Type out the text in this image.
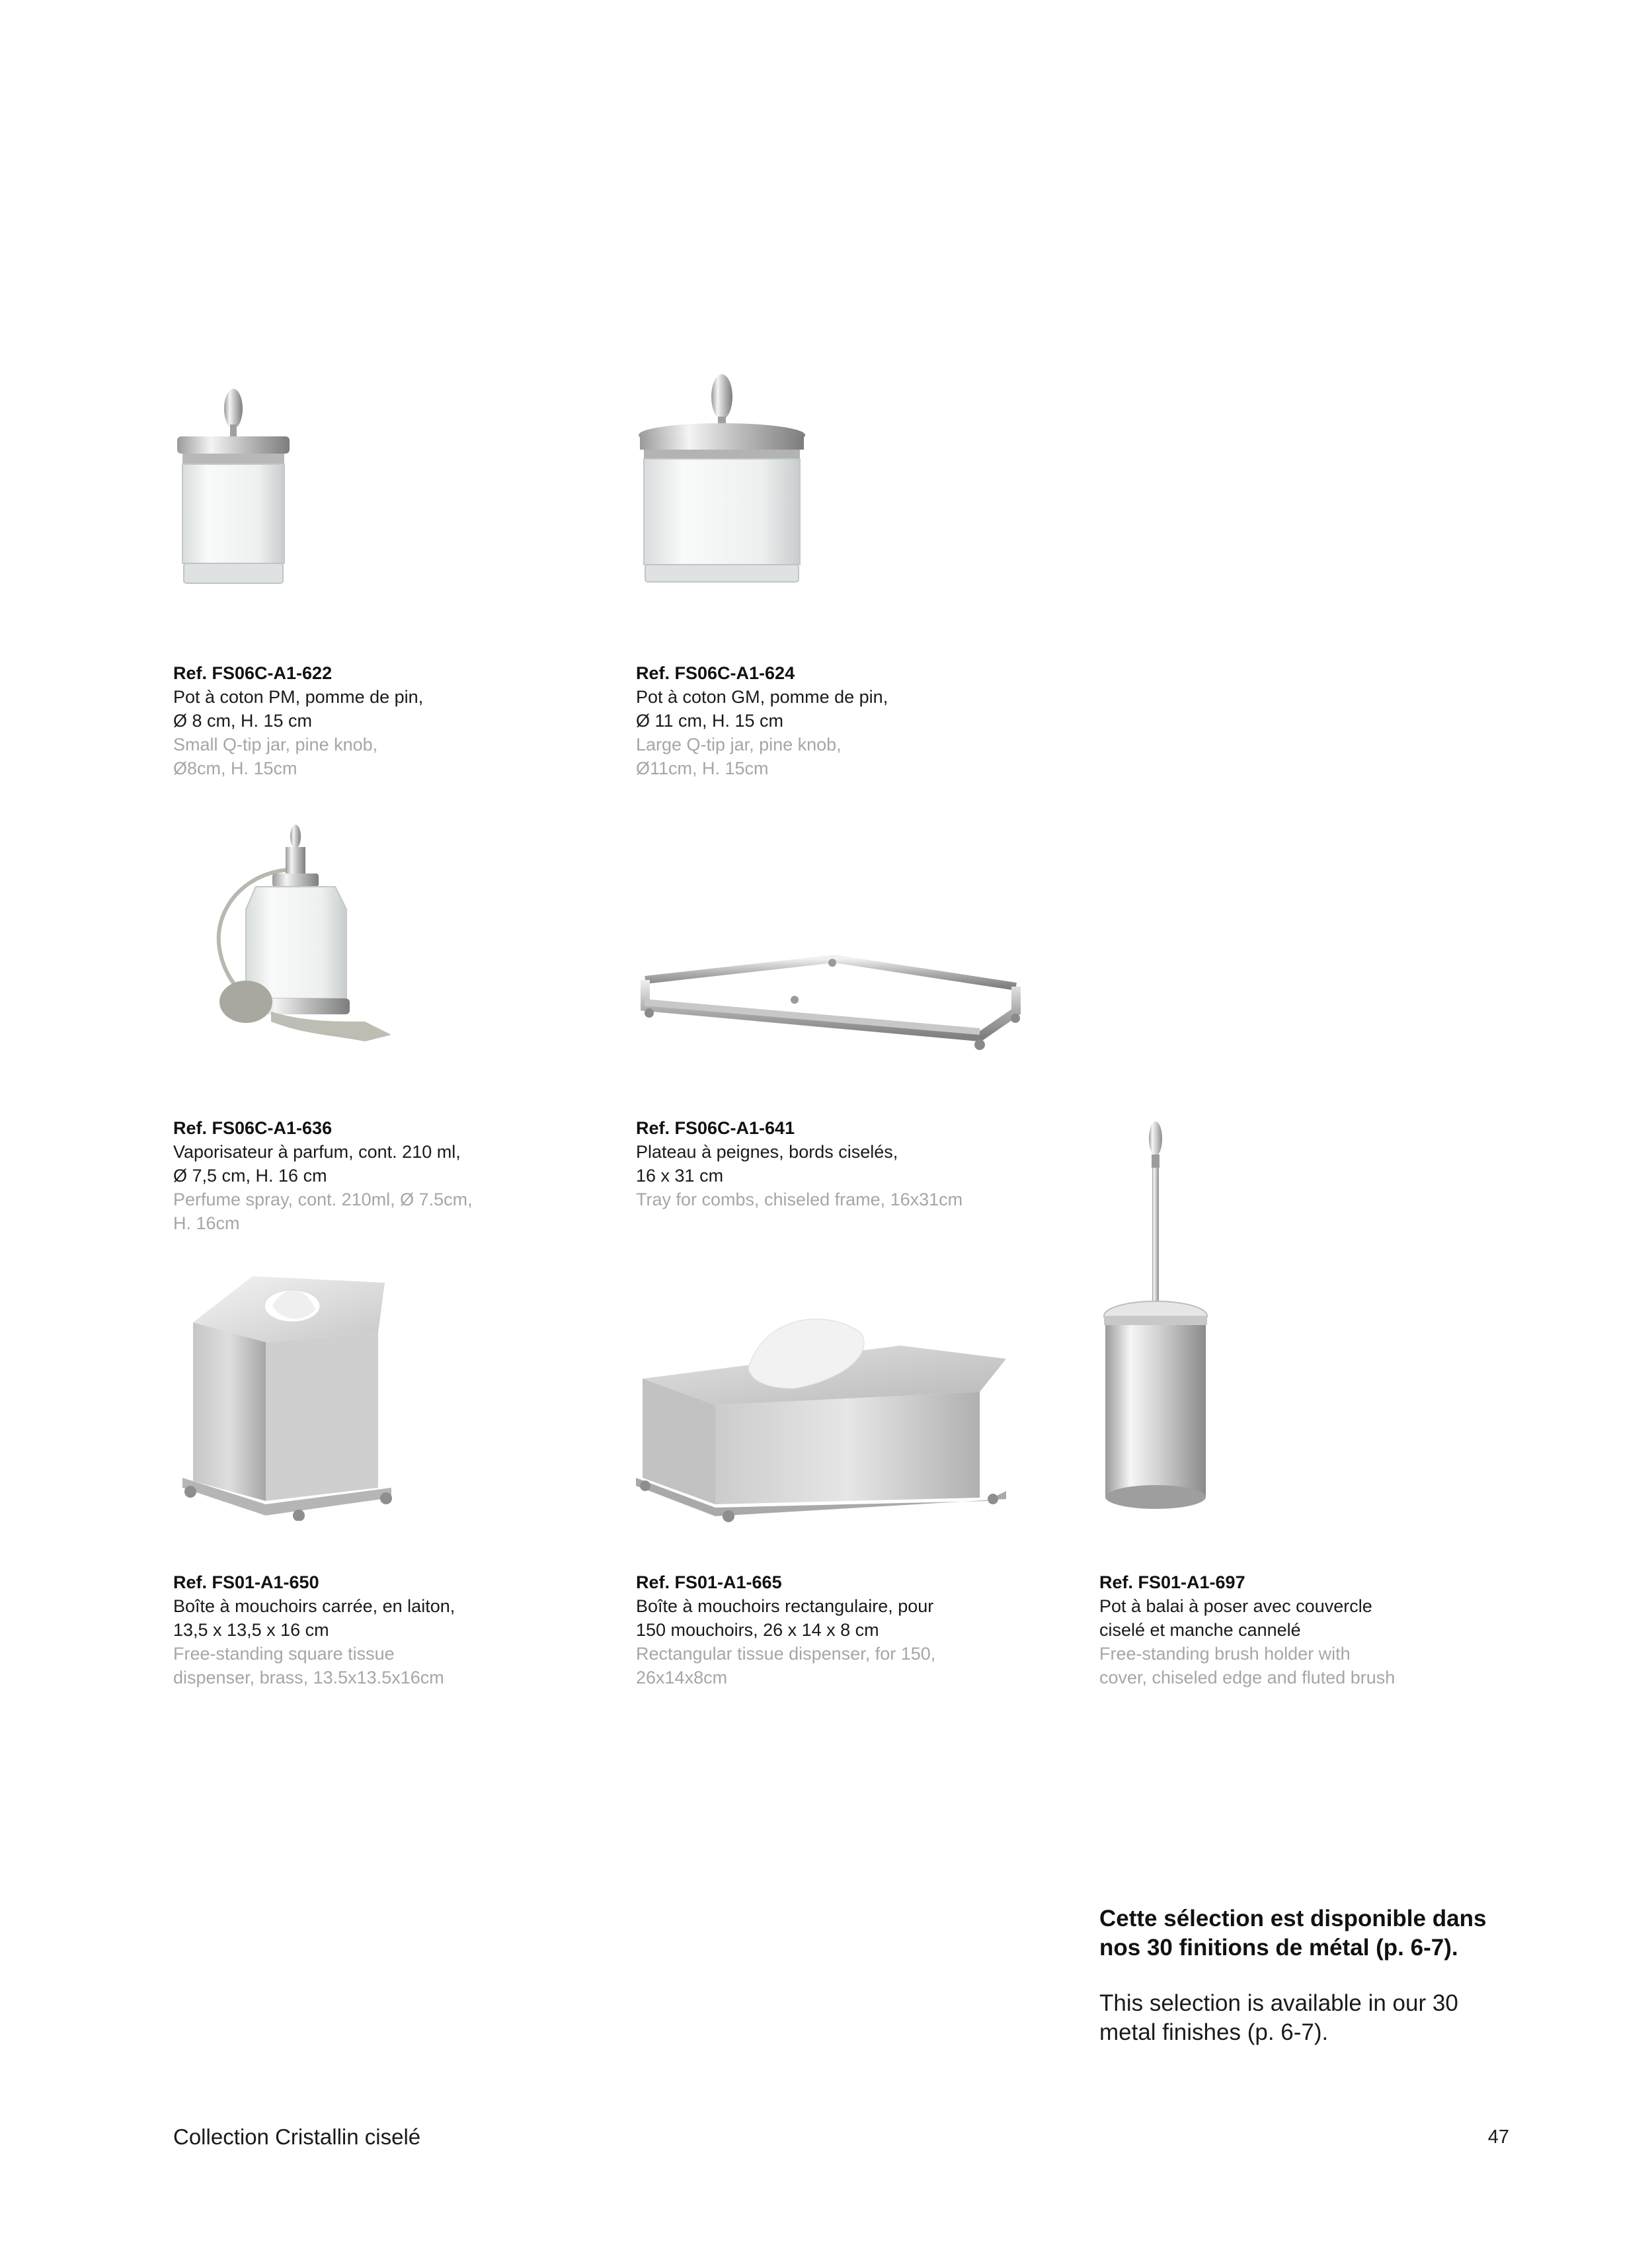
Ref. FS06C-A1-622
Pot à coton PM, pomme de pin,
Ø 8 cm, H. 15 cm
Small Q-tip jar, pine knob,
Ø8cm, H. 15cm
Ref. FS06C-A1-624
Pot à coton GM, pomme de pin,
Ø 11 cm, H. 15 cm
Large Q-tip jar, pine knob,
Ø11cm, H. 15cm
Ref. FS06C-A1-636
Vaporisateur à parfum, cont. 210 ml,
Ø 7,5 cm, H. 16 cm
Perfume spray, cont. 210ml, Ø 7.5cm,
H. 16cm
Ref. FS06C-A1-641
Plateau à peignes, bords ciselés,
16 x 31 cm
Tray for combs, chiseled frame, 16x31cm
Ref. FS01-A1-650
Boîte à mouchoirs carrée, en laiton,
13,5 x 13,5 x 16 cm
Free-standing square tissue
dispenser, brass, 13.5x13.5x16cm
Ref. FS01-A1-665
Boîte à mouchoirs rectangulaire, pour
150 mouchoirs, 26 x 14 x 8 cm
Rectangular tissue dispenser, for 150,
26x14x8cm
Ref. FS01-A1-697
Pot à balai à poser avec couvercle
ciselé et manche cannelé
Free-standing brush holder with
cover, chiseled edge and fluted brush
Cette sélection est disponible dans
nos 30 finitions de métal (p. 6-7).
This selection is available in our 30
metal finishes (p. 6-7).
Collection Cristallin ciselé	47
